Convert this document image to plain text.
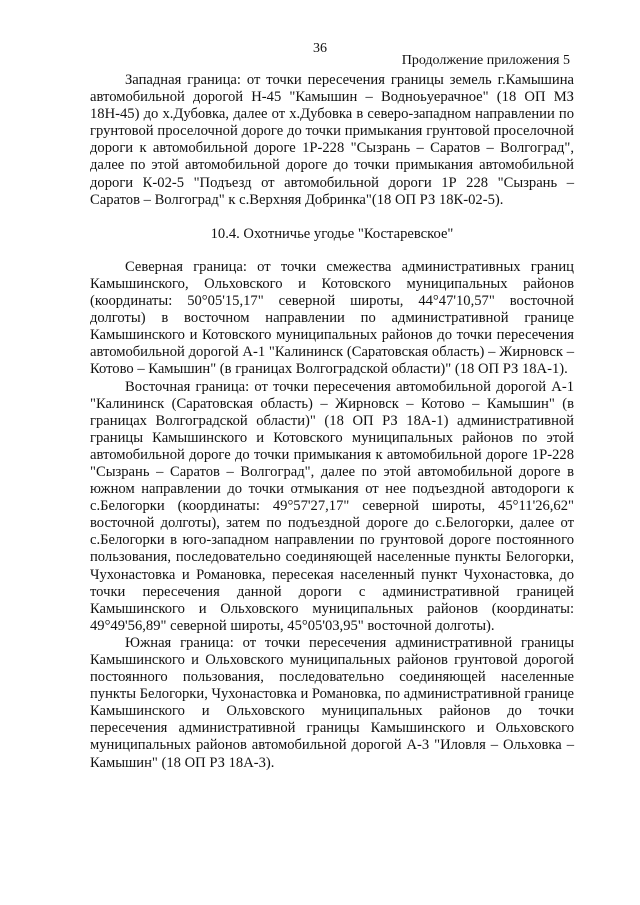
36
Продолжение приложения 5

Западная граница: от точки пересечения границы земель г.Камышина автомобильной дорогой Н-45 "Камышин – Водноьуерачное" (18 ОП МЗ 18Н-45) до х.Дубовка, далее от х.Дубовка в северо-западном направлении по грунтовой проселочной дороге до точки примыкания грунтовой проселочной дороги к автомобильной дороге 1Р-228 "Сызрань – Саратов – Волгоград", далее по этой автомобильной дороге до точки примыкания автомобильной дороги К-02-5 "Подъезд от автомобильной дороги 1Р 228 "Сызрань – Саратов – Волгоград" к с.Верхняя Добринка"(18 ОП РЗ 18К-02-5).

10.4. Охотничье угодье "Костаревское"

Северная граница: от точки смежества административных границ Камышинского, Ольховского и Котовского муниципальных районов (координаты: 50°05'15,17" северной широты, 44°47'10,57" восточной долготы) в восточном направлении по административной границе Камышинского и Котовского муниципальных районов до точки пересечения автомобильной дорогой А-1 "Калининск (Саратовская область) – Жирновск – Котово – Камышин" (в границах Волгоградской области)" (18 ОП РЗ 18А-1).

Восточная граница: от точки пересечения автомобильной дорогой А-1 "Калининск (Саратовская область) – Жирновск – Котово – Камышин" (в границах Волгоградской области)" (18 ОП РЗ 18А-1) административной границы Камышинского и Котовского муниципальных районов по этой автомобильной дороге до точки примыкания к автомобильной дороге 1Р-228 "Сызрань – Саратов – Волгоград", далее по этой автомобильной дороге в южном направлении до точки отмыкания от нее подъездной автодороги к с.Белогорки (координаты: 49°57'27,17" северной широты, 45°11'26,62" восточной долготы), затем по подъездной дороге до с.Белогорки, далее от с.Белогорки в юго-западном направлении по грунтовой дороге постоянного пользования, последовательно соединяющей населенные пункты Белогорки, Чухонастовка и Романовка, пересекая населенный пункт Чухонастовка, до точки пересечения данной дороги с административной границей Камышинского и Ольховского муниципальных районов (координаты: 49°49'56,89" северной широты, 45°05'03,95" восточной долготы).

Южная граница: от точки пересечения административной границы Камышинского и Ольховского муниципальных районов грунтовой дорогой постоянного пользования, последовательно соединяющей населенные пункты Белогорки, Чухонастовка и Романовка, по административной границе Камышинского и Ольховского муниципальных районов до точки пересечения административной границы Камышинского и Ольховского муниципальных районов автомобильной дорогой А-3 "Иловля – Ольховка – Камышин" (18 ОП РЗ 18А-3).
